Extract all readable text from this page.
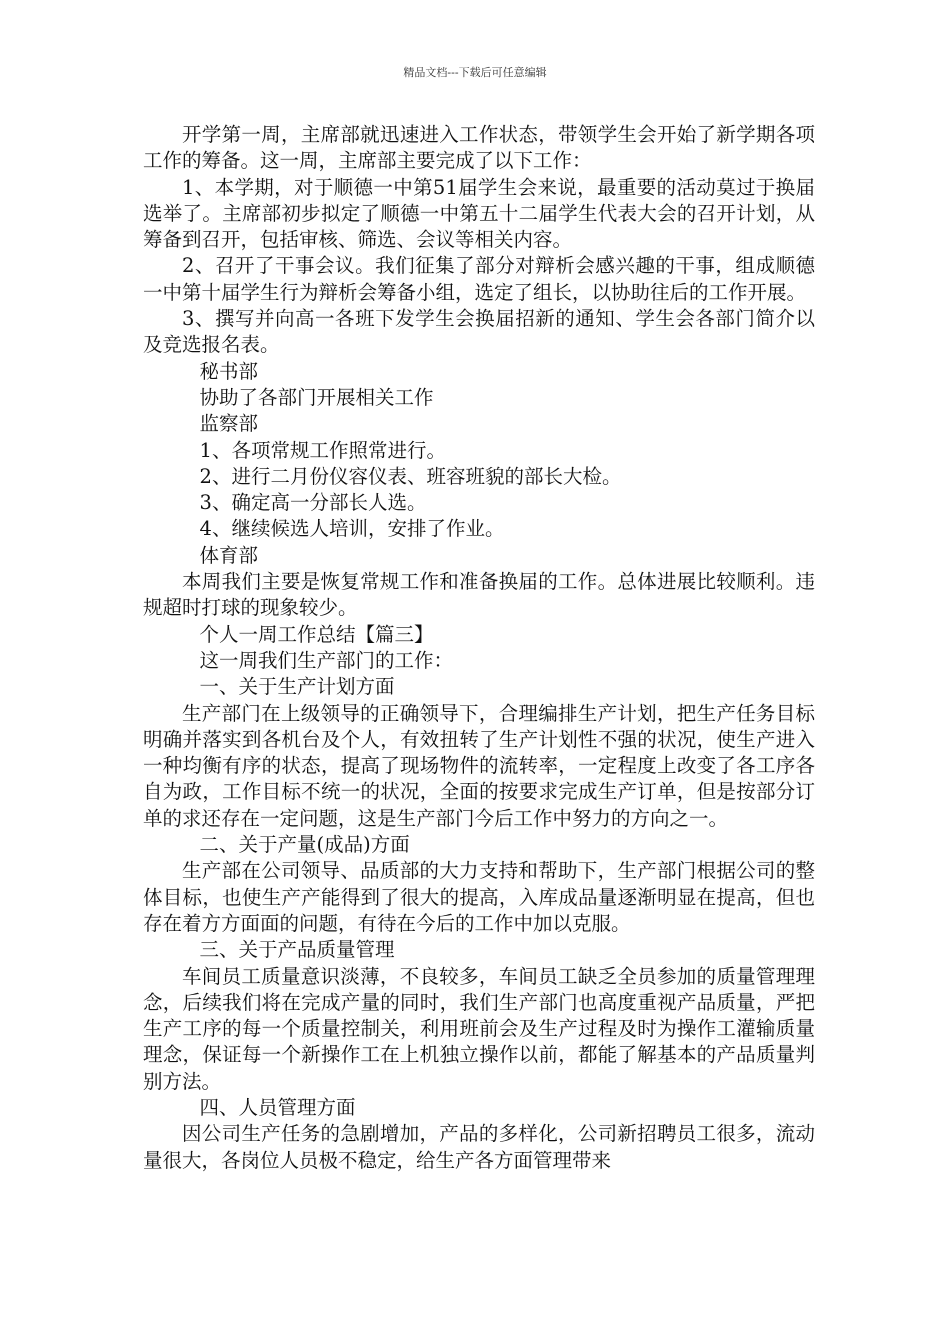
精品文档---下载后可任意编辑

开学第一周，主席部就迅速进入工作状态，带领学生会开始了新学期各项工作的筹备。这一周，主席部主要完成了以下工作：

1、本学期，对于顺德一中第51届学生会来说，最重要的活动莫过于换届选举了。主席部初步拟定了顺德一中第五十二届学生代表大会的召开计划，从筹备到召开，包括审核、筛选、会议等相关内容。

2、召开了干事会议。我们征集了部分对辩析会感兴趣的干事，组成顺德一中第十届学生行为辩析会筹备小组，选定了组长，以协助往后的工作开展。

3、撰写并向高一各班下发学生会换届招新的通知、学生会各部门简介以及竞选报名表。

秘书部

协助了各部门开展相关工作

监察部

1、各项常规工作照常进行。

2、进行二月份仪容仪表、班容班貌的部长大检。

3、确定高一分部长人选。

4、继续候选人培训，安排了作业。

体育部

本周我们主要是恢复常规工作和准备换届的工作。总体进展比较顺利。违规超时打球的现象较少。

个人一周工作总结【篇三】

这一周我们生产部门的工作：

一、关于生产计划方面

生产部门在上级领导的正确领导下，合理编排生产计划，把生产任务目标明确并落实到各机台及个人，有效扭转了生产计划性不强的状况，使生产进入一种均衡有序的状态，提高了现场物件的流转率，一定程度上改变了各工序各自为政，工作目标不统一的状况，全面的按要求完成生产订单，但是按部分订单的求还存在一定问题，这是生产部门今后工作中努力的方向之一。

二、关于产量(成品)方面

生产部在公司领导、品质部的大力支持和帮助下，生产部门根据公司的整体目标，也使生产产能得到了很大的提高，入库成品量逐渐明显在提高，但也存在着方方面面的问题，有待在今后的工作中加以克服。

三、关于产品质量管理

车间员工质量意识淡薄，不良较多，车间员工缺乏全员参加的质量管理理念，后续我们将在完成产量的同时，我们生产部门也高度重视产品质量，严把生产工序的每一个质量控制关，利用班前会及生产过程及时为操作工灌输质量理念，保证每一个新操作工在上机独立操作以前，都能了解基本的产品质量判别方法。

四、人员管理方面

因公司生产任务的急剧增加，产品的多样化，公司新招聘员工很多，流动量很大，各岗位人员极不稳定，给生产各方面管理带来
